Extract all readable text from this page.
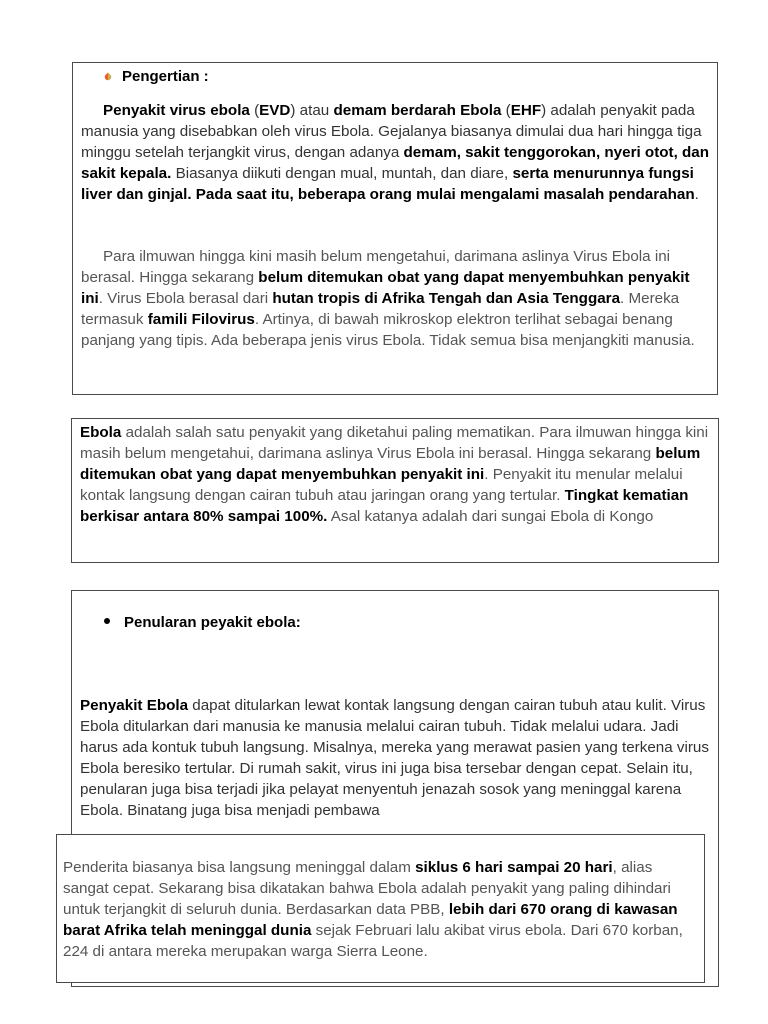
Pengertian :

Penyakit virus ebola (EVD) atau demam berdarah Ebola (EHF) adalah penyakit pada manusia yang disebabkan oleh virus Ebola. Gejalanya biasanya dimulai dua hari hingga tiga minggu setelah terjangkit virus, dengan adanya demam, sakit tenggorokan, nyeri otot, dan sakit kepala. Biasanya diikuti dengan mual, muntah, dan diare, serta menurunnya fungsi liver dan ginjal. Pada saat itu, beberapa orang mulai mengalami masalah pendarahan.

Para ilmuwan hingga kini masih belum mengetahui, darimana aslinya Virus Ebola ini berasal. Hingga sekarang belum ditemukan obat yang dapat menyembuhkan penyakit ini. Virus Ebola berasal dari hutan tropis di Afrika Tengah dan Asia Tenggara. Mereka termasuk famili Filovirus. Artinya, di bawah mikroskop elektron terlihat sebagai benang panjang yang tipis. Ada beberapa jenis virus Ebola. Tidak semua bisa menjangkiti manusia.

Ebola adalah salah satu penyakit yang diketahui paling mematikan. Para ilmuwan hingga kini masih belum mengetahui, darimana aslinya Virus Ebola ini berasal. Hingga sekarang belum ditemukan obat yang dapat menyembuhkan penyakit ini. Penyakit itu menular melalui kontak langsung dengan cairan tubuh atau jaringan orang yang tertular. Tingkat kematian berkisar antara 80% sampai 100%. Asal katanya adalah dari sungai Ebola di Kongo

Penularan peyakit ebola:

Penyakit Ebola dapat ditularkan lewat kontak langsung dengan cairan tubuh atau kulit. Virus Ebola ditularkan dari manusia ke manusia melalui cairan tubuh. Tidak melalui udara. Jadi harus ada kontuk tubuh langsung. Misalnya, mereka yang merawat pasien yang terkena virus Ebola beresiko tertular. Di rumah sakit, virus ini juga bisa tersebar dengan cepat. Selain itu, penularan juga bisa terjadi jika pelayat menyentuh jenazah sosok yang meninggal karena Ebola. Binatang juga bisa menjadi pembawa

Penderita biasanya bisa langsung meninggal dalam siklus 6 hari sampai 20 hari, alias sangat cepat. Sekarang bisa dikatakan bahwa Ebola adalah penyakit yang paling dihindari untuk terjangkit di seluruh dunia. Berdasarkan data PBB, lebih dari 670 orang di kawasan barat Afrika telah meninggal dunia sejak Februari lalu akibat virus ebola. Dari 670 korban, 224 di antara mereka merupakan warga Sierra Leone.
